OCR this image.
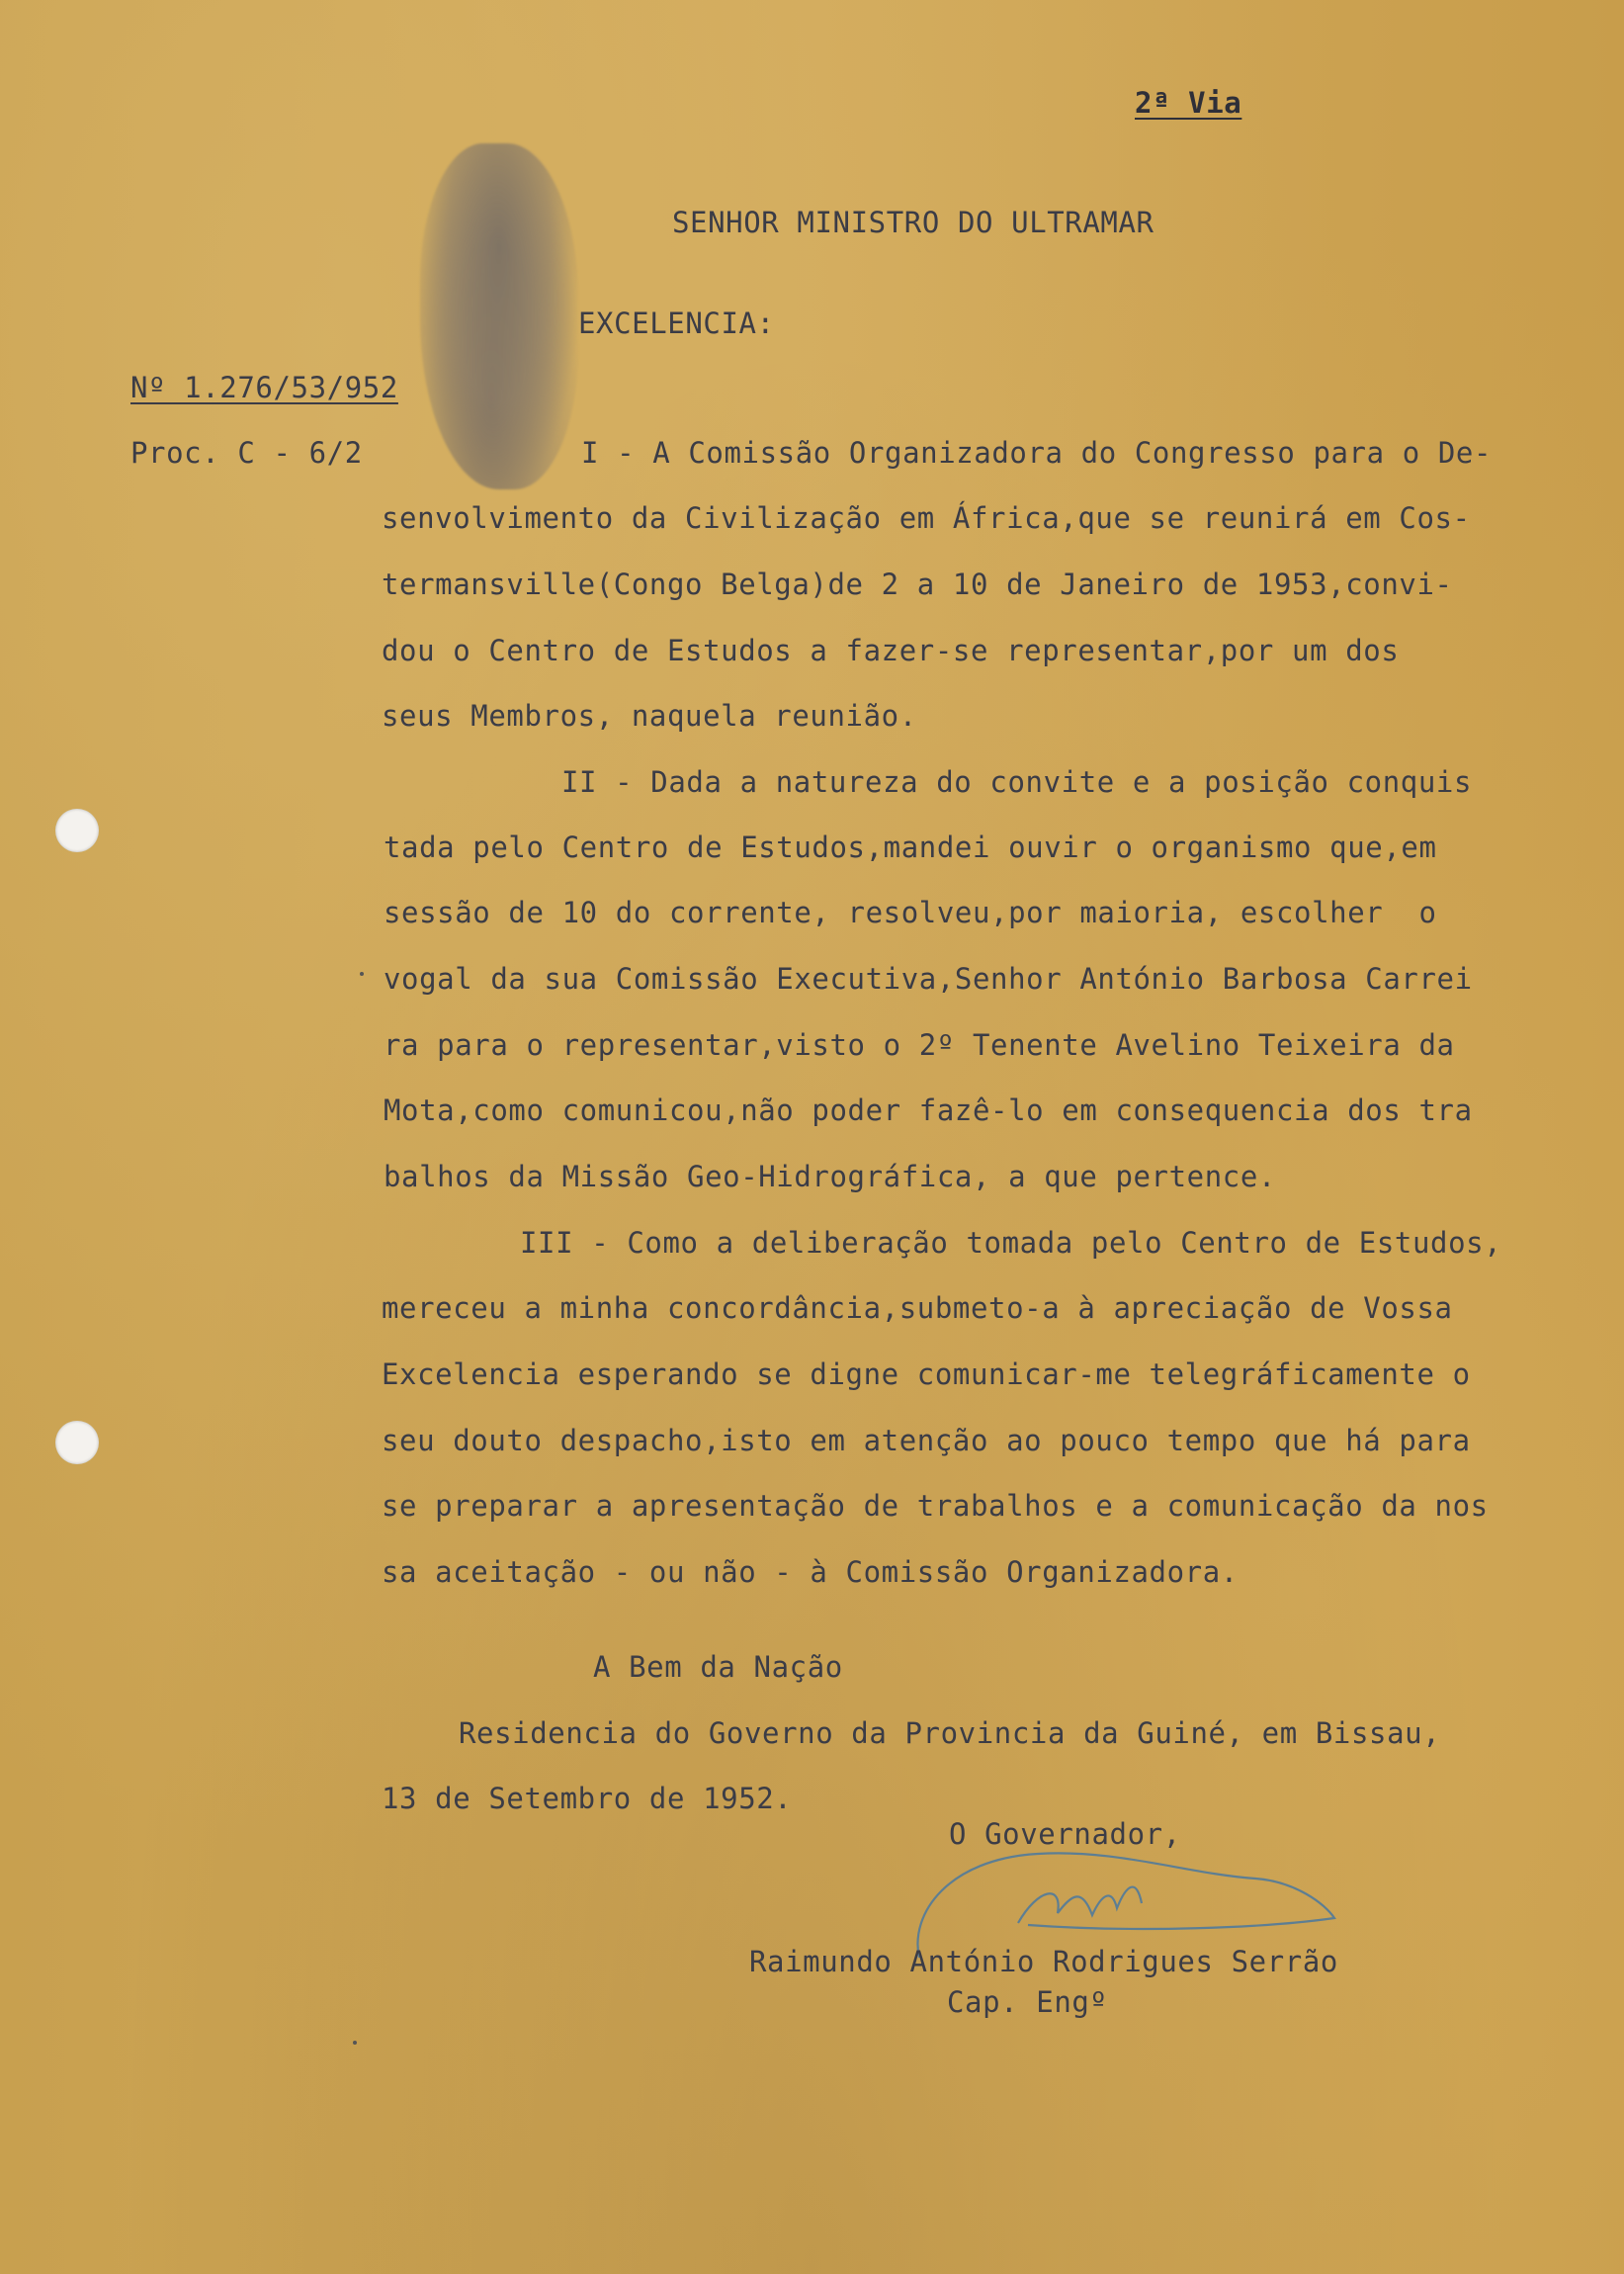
2ª Via
SENHOR MINISTRO DO ULTRAMAR
EXCELENCIA:
Nº 1.276/53/952
Proc. C - 6/2	I - A Comissão Organizadora do Congresso para o De-
senvolvimento da Civilização em África,que se reunirá em Cos-
termansville(Congo Belga)de 2 a 10 de Janeiro de 1953,convi-
dou o Centro de Estudos a fazer-se representar,por um dos
seus Membros, naquela reunião.
II - Dada a natureza do convite e a posição conquis
tada pelo Centro de Estudos,mandei ouvir o organismo que,em
sessão de 10 do corrente, resolveu,por maioria, escolher  o
vogal da sua Comissão Executiva,Senhor António Barbosa Carrei
ra para o representar,visto o 2º Tenente Avelino Teixeira da
Mota,como comunicou,não poder fazê-lo em consequencia dos tra
balhos da Missão Geo-Hidrográfica, a que pertence.
III - Como a deliberação tomada pelo Centro de Estudos,
mereceu a minha concordância,submeto-a à apreciação de Vossa
Excelencia esperando se digne comunicar-me telegráficamente o
seu douto despacho,isto em atenção ao pouco tempo que há para
se preparar a apresentação de trabalhos e a comunicação da nos
sa aceitação - ou não - à Comissão Organizadora.
A Bem da Nação
Residencia do Governo da Provincia da Guiné, em Bissau,
13 de Setembro de 1952.
O Governador,
Raimundo António Rodrigues Serrão
Cap. Engº
